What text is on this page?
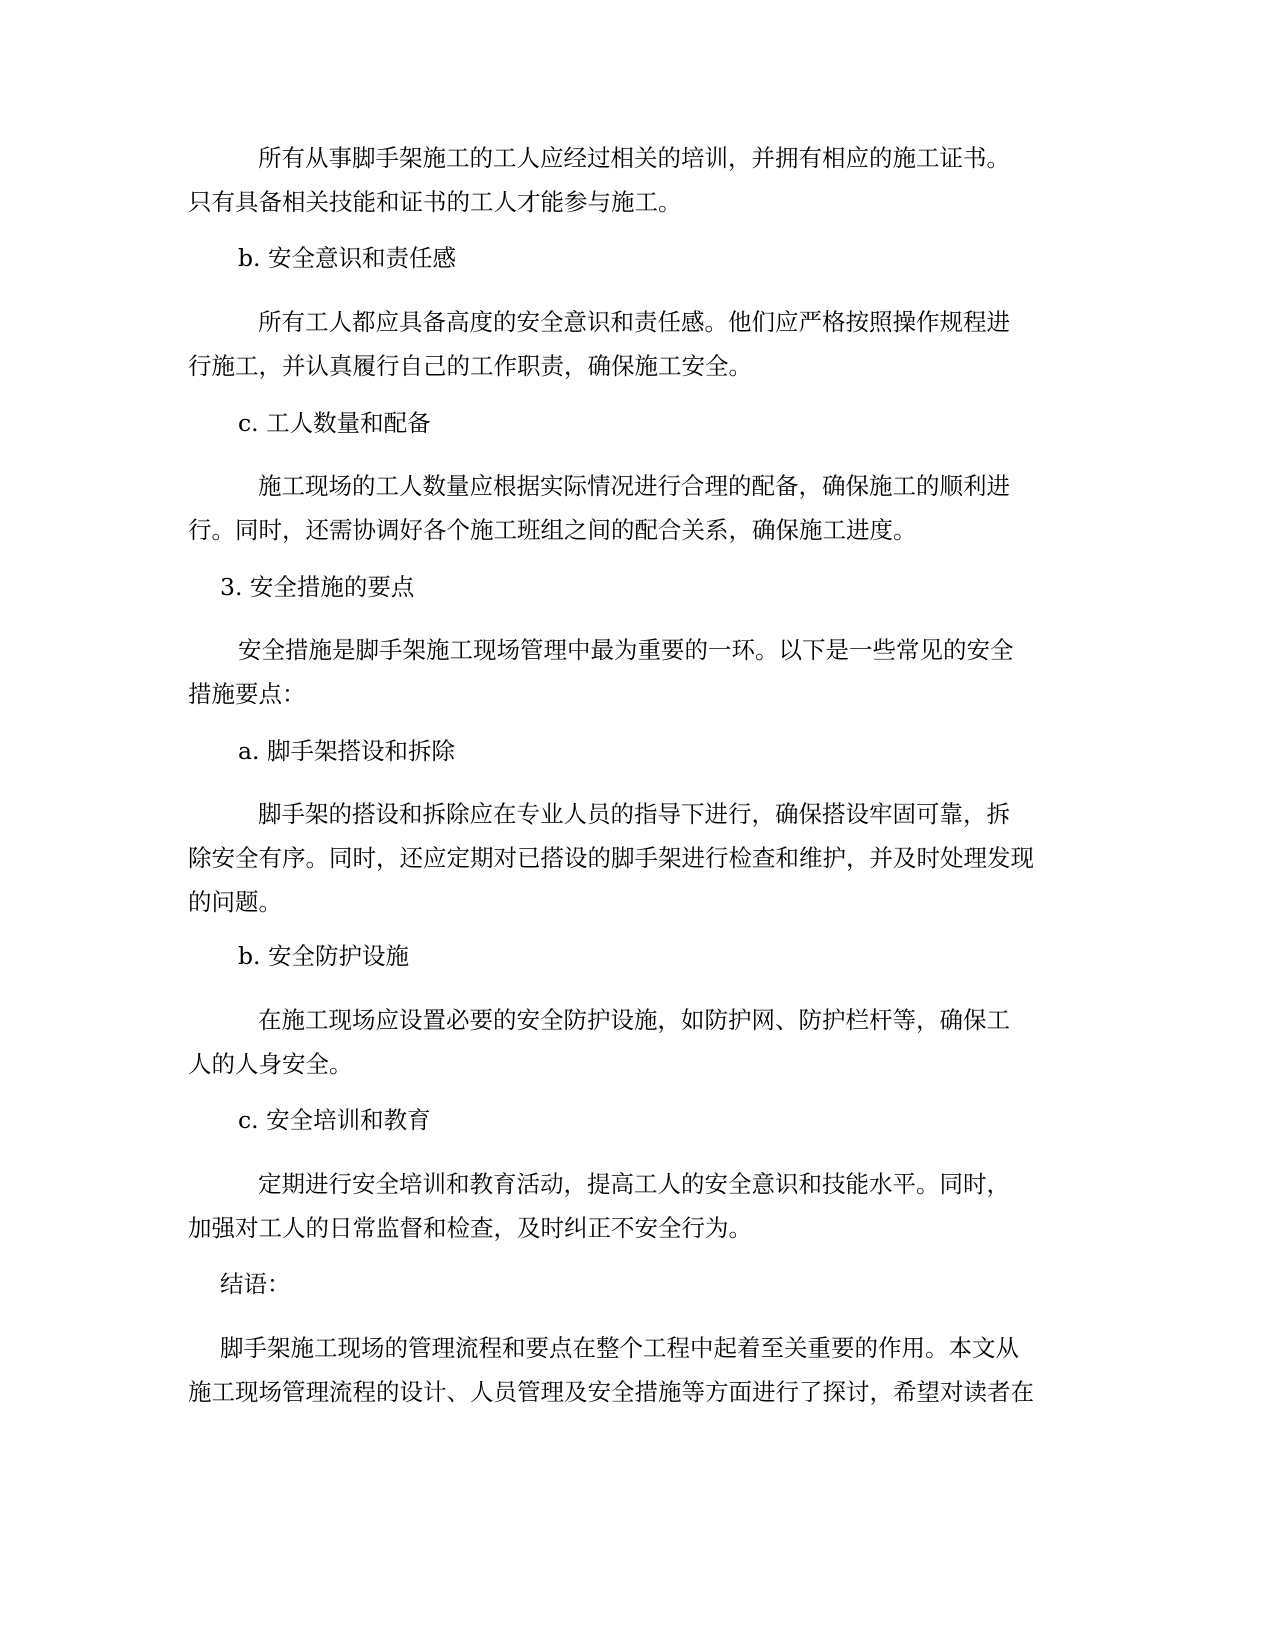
所有从事脚手架施工的工人应经过相关的培训，并拥有相应的施工证书。
只有具备相关技能和证书的工人才能参与施工。
b. 安全意识和责任感
所有工人都应具备高度的安全意识和责任感。他们应严格按照操作规程进
行施工，并认真履行自己的工作职责，确保施工安全。
c. 工人数量和配备
施工现场的工人数量应根据实际情况进行合理的配备，确保施工的顺利进
行。同时，还需协调好各个施工班组之间的配合关系，确保施工进度。
3. 安全措施的要点
安全措施是脚手架施工现场管理中最为重要的一环。以下是一些常见的安全
措施要点：
a. 脚手架搭设和拆除
脚手架的搭设和拆除应在专业人员的指导下进行，确保搭设牢固可靠，拆
除安全有序。同时，还应定期对已搭设的脚手架进行检查和维护，并及时处理发现
的问题。
b. 安全防护设施
在施工现场应设置必要的安全防护设施，如防护网、防护栏杆等，确保工
人的人身安全。
c. 安全培训和教育
定期进行安全培训和教育活动，提高工人的安全意识和技能水平。同时，
加强对工人的日常监督和检查，及时纠正不安全行为。
结语：
脚手架施工现场的管理流程和要点在整个工程中起着至关重要的作用。本文从
施工现场管理流程的设计、人员管理及安全措施等方面进行了探讨，希望对读者在
